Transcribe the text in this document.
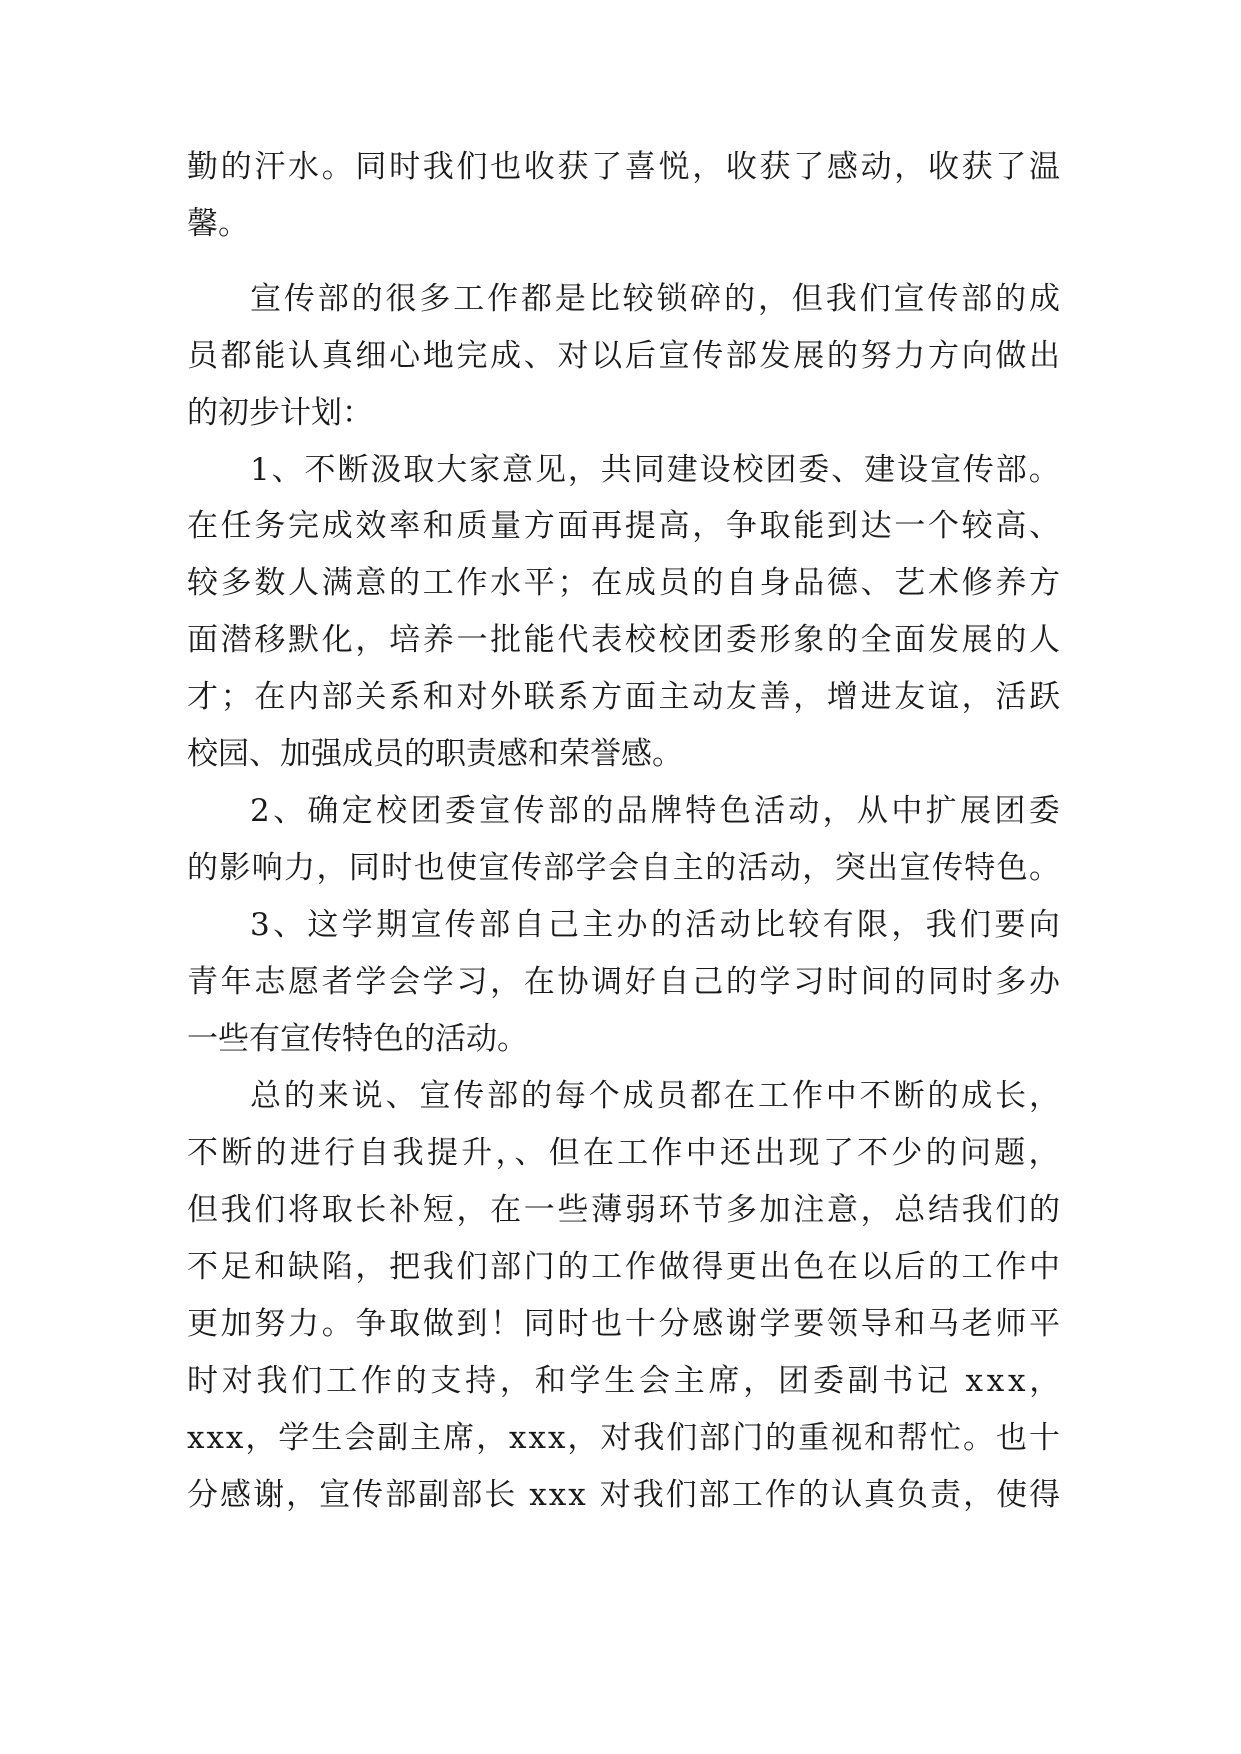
勤的汗水。同时我们也收获了喜悦，收获了感动，收获了温

馨。

宣传部的很多工作都是比较锁碎的，但我们宣传部的成

员都能认真细心地完成、对以后宣传部发展的努力方向做出

的初步计划：

1、不断汲取大家意见，共同建设校团委、建设宣传部。

在任务完成效率和质量方面再提高，争取能到达一个较高、

较多数人满意的工作水平；在成员的自身品德、艺术修养方

面潜移默化，培养一批能代表校校团委形象的全面发展的人

才；在内部关系和对外联系方面主动友善，增进友谊，活跃

校园、加强成员的职责感和荣誉感。

2、确定校团委宣传部的品牌特色活动，从中扩展团委

的影响力，同时也使宣传部学会自主的活动，突出宣传特色。

3、这学期宣传部自己主办的活动比较有限，我们要向

青年志愿者学会学习，在协调好自己的学习时间的同时多办

一些有宣传特色的活动。

总的来说、宣传部的每个成员都在工作中不断的成长，

不断的进行自我提升，、但在工作中还出现了不少的问题，

但我们将取长补短，在一些薄弱环节多加注意，总结我们的

不足和缺陷，把我们部门的工作做得更出色在以后的工作中

更加努力。争取做到！同时也十分感谢学要领导和马老师平

时对我们工作的支持，和学生会主席，团委副书记 xxx，

xxx，学生会副主席，xxx，对我们部门的重视和帮忙。也十

分感谢，宣传部副部长 xxx 对我们部工作的认真负责，使得
